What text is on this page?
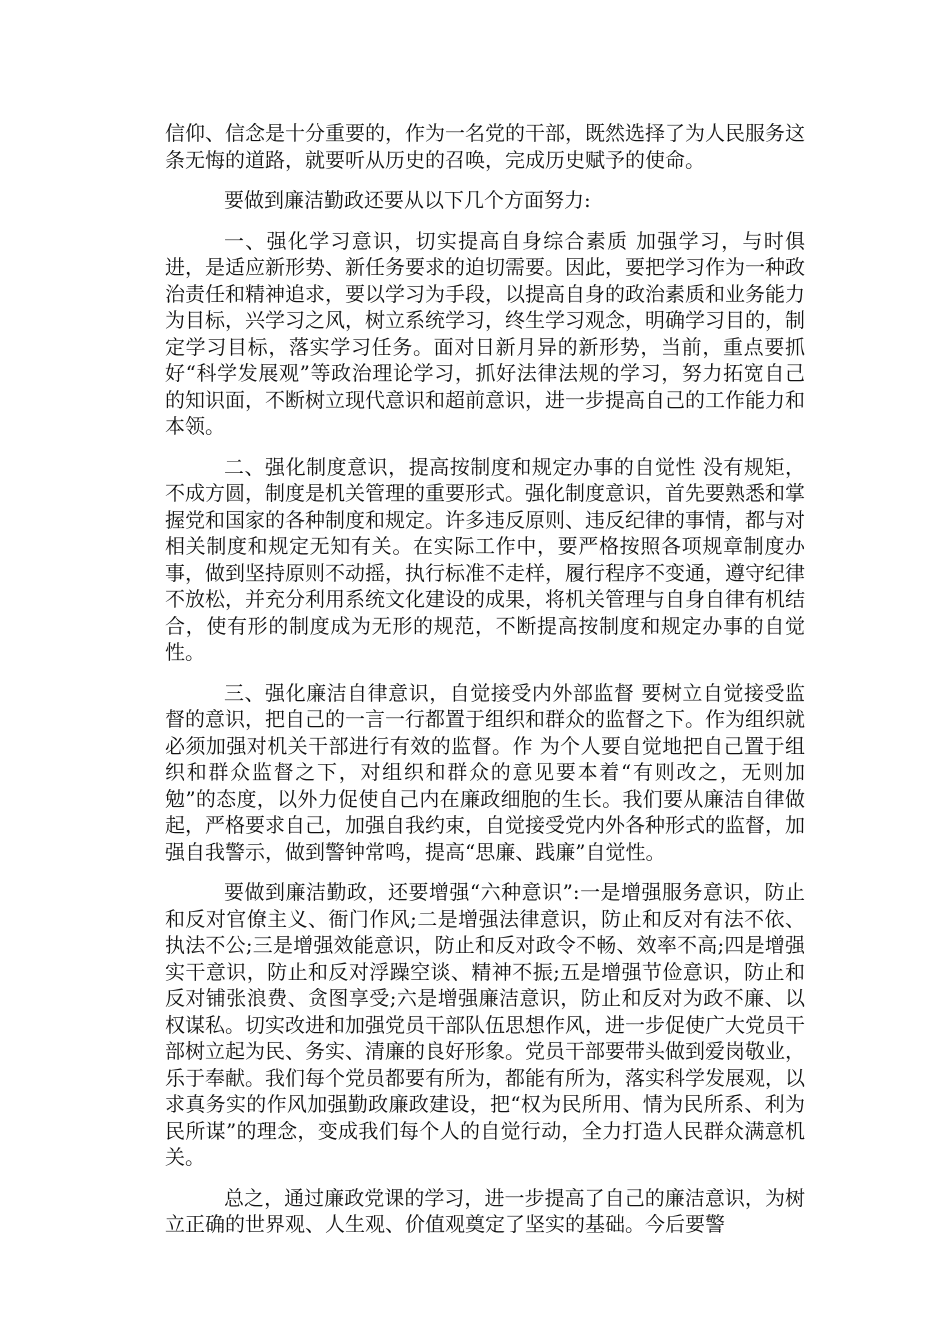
信仰、信念是十分重要的，作为一名党的干部，既然选择了为人民服务这条无悔的道路，就要听从历史的召唤，完成历史赋予的使命。

要做到廉洁勤政还要从以下几个方面努力:

一、强化学习意识，切实提高自身综合素质 加强学习，与时俱进，是适应新形势、新任务要求的迫切需要。因此，要把学习作为一种政治责任和精神追求，要以学习为手段，以提高自身的政治素质和业务能力为目标，兴学习之风，树立系统学习，终生学习观念，明确学习目的，制定学习目标，落实学习任务。面对日新月异的新形势，当前，重点要抓好“科学发展观”等政治理论学习，抓好法律法规的学习，努力拓宽自己的知识面，不断树立现代意识和超前意识，进一步提高自己的工作能力和本领。

二、强化制度意识，提高按制度和规定办事的自觉性 没有规矩，不成方圆，制度是机关管理的重要形式。强化制度意识，首先要熟悉和掌握党和国家的各种制度和规定。许多违反原则、违反纪律的事情，都与对相关制度和规定无知有关。在实际工作中，要严格按照各项规章制度办事，做到坚持原则不动摇，执行标准不走样，履行程序不变通，遵守纪律不放松，并充分利用系统文化建设的成果，将机关管理与自身自律有机结合，使有形的制度成为无形的规范，不断提高按制度和规定办事的自觉性。

三、强化廉洁自律意识，自觉接受内外部监督 要树立自觉接受监督的意识，把自己的一言一行都置于组织和群众的监督之下。作为组织就必须加强对机关干部进行有效的监督。作 为个人要自觉地把自己置于组织和群众监督之下，对组织和群众的意见要本着“有则改之，无则加勉”的态度，以外力促使自己内在廉政细胞的生长。我们要从廉洁自律做起，严格要求自己，加强自我约束，自觉接受党内外各种形式的监督，加强自我警示，做到警钟常鸣，提高“思廉、践廉”自觉性。

要做到廉洁勤政，还要增强“六种意识”:一是增强服务意识，防止和反对官僚主义、衙门作风;二是增强法律意识，防止和反对有法不依、执法不公;三是增强效能意识，防止和反对政令不畅、效率不高;四是增强实干意识，防止和反对浮躁空谈、精神不振;五是增强节俭意识，防止和反对铺张浪费、贪图享受;六是增强廉洁意识，防止和反对为政不廉、以权谋私。切实改进和加强党员干部队伍思想作风，进一步促使广大党员干部树立起为民、务实、清廉的良好形象。党员干部要带头做到爱岗敬业，乐于奉献。我们每个党员都要有所为，都能有所为，落实科学发展观，以求真务实的作风加强勤政廉政建设，把“权为民所用、情为民所系、利为民所谋”的理念，变成我们每个人的自觉行动，全力打造人民群众满意机关。

总之，通过廉政党课的学习，进一步提高了自己的廉洁意识，为树立正确的世界观、人生观、价值观奠定了坚实的基础。今后要警
